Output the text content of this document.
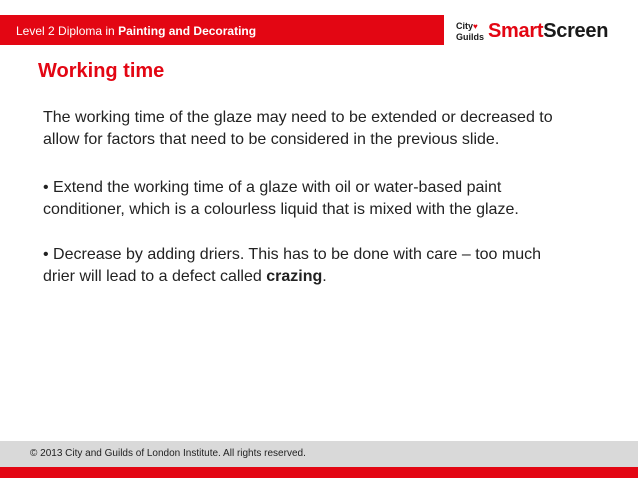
Level 2 Diploma in Painting and Decorating	City♥
Guilds SmartScreen
Working time

The working time of the glaze may need to be extended or decreased to allow for factors that need to be considered in the previous slide.

• Extend the working time of a glaze with oil or water-based paint conditioner, which is a colourless liquid that is mixed with the glaze.

• Decrease by adding driers. This has to be done with care – too much drier will lead to a defect called crazing.

© 2013 City and Guilds of London Institute. All rights reserved.
